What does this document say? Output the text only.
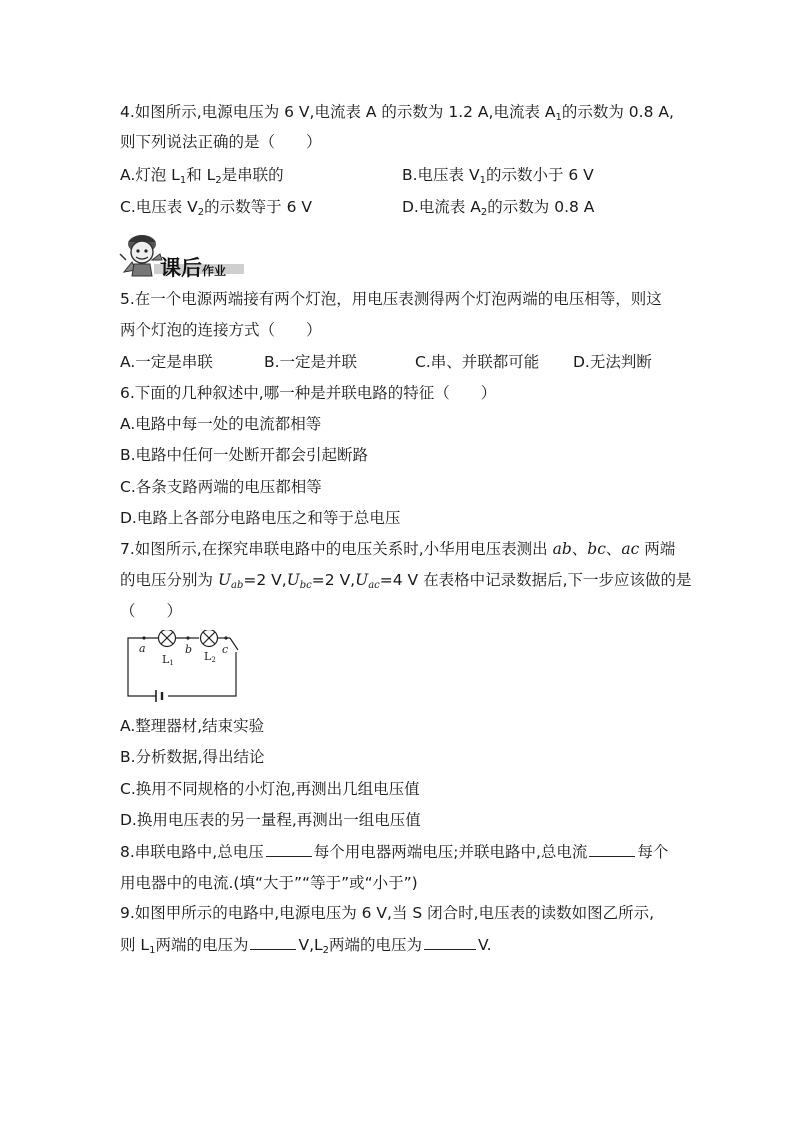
4.如图所示,电源电压为 6 V,电流表 A 的示数为 1.2 A,电流表 $A_1$的示数为 0.8 A,
则下列说法正确的是（　　）
A.灯泡 $L_1$和 $L_2$是串联的	B.电压表 $V_1$的示数小于 6 V
C.电压表 $V_2$的示数等于 6 V	D.电流表 $A_2$的示数为 0.8 A
课后作业
5.在一个电源两端接有两个灯泡，用电压表测得两个灯泡两端的电压相等，则这
两个灯泡的连接方式（　　）
A.一定是串联	B.一定是并联	C.串、并联都可能 D.无法判断
6.下面的几种叙述中,哪一种是并联电路的特征（　　）
A.电路中每一处的电流都相等
B.电路中任何一处断开都会引起断路
C.各条支路两端的电压都相等
D.电路上各部分电路电压之和等于总电压
7.如图所示,在探究串联电路中的电压关系时,小华用电压表测出 ab、bc、ac 两端
的电压分别为 $U_{ab}=2$ $V,U_{bc}=2$ $V,U_{ac}=4$ V 在表格中记录数据后,下一步应该做的是
（　　）
a	b	c
L1	L2
A.整理器材,结束实验
B.分析数据,得出结论
C.换用不同规格的小灯泡,再测出几组电压值
D.换用电压表的另一量程,再测出一组电压值
8.串联电路中,总电压	每个用电器两端电压;并联电路中,总电流	每个
用电器中的电流.(填“大于”“等于”或“小于”)
9.如图甲所示的电路中,电源电压为 6 V,当 S 闭合时,电压表的读数如图乙所示,
则 $L_1$两端的电压为	$V,L_2$两端的电压为	V.
